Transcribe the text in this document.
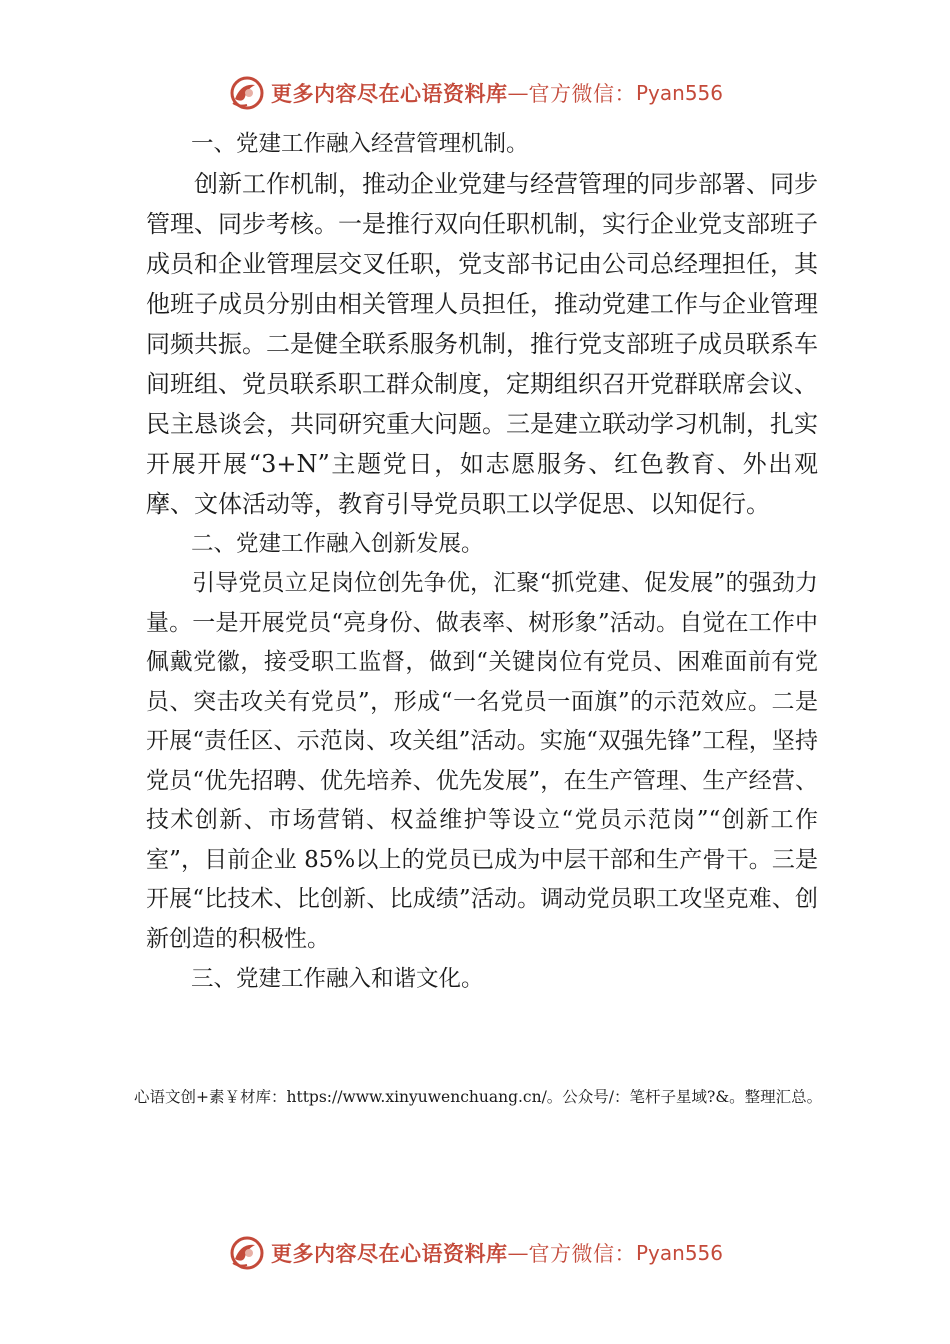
更多内容尽在心语资料库 — 官方微信： Pyan556

一、党建工作融入经营管理机制。

创新工作机制，推动企业党建与经营管理的同步部署、同步管理、同步考核。一是推行双向任职机制，实行企业党支部班子成员和企业管理层交叉任职，党支部书记由公司总经理担任，其他班子成员分别由相关管理人员担任，推动党建工作与企业管理同频共振。二是健全联系服务机制，推行党支部班子成员联系车间班组、党员联系职工群众制度，定期组织召开党群联席会议、民主恳谈会，共同研究重大问题。三是建立联动学习机制，扎实开展开展“3+N”主题党日，如志愿服务、红色教育、外出观摩、文体活动等，教育引导党员职工以学促思、以知促行。

二、党建工作融入创新发展。

引导党员立足岗位创先争优，汇聚“抓党建、促发展”的强劲力量。一是开展党员“亮身份、做表率、树形象”活动。自觉在工作中佩戴党徽，接受职工监督，做到“关键岗位有党员、困难面前有党员、突击攻关有党员”，形成“一名党员一面旗”的示范效应。二是开展“责任区、示范岗、攻关组”活动。实施“双强先锋”工程，坚持党员“优先招聘、优先培养、优先发展”，在生产管理、生产经营、技术创新、市场营销、权益维护等设立“党员示范岗”“创新工作室”，目前企业 85%以上的党员已成为中层干部和生产骨干。三是开展“比技术、比创新、比成绩”活动。调动党员职工攻坚克难、创新创造的积极性。

三、党建工作融入和谐文化。

心语文创+素￥材库：https://www.xinyuwenchuang.cn/。公众号/：笔杆子星域?&。整理汇总。

更多内容尽在心语资料库 — 官方微信： Pyan556
